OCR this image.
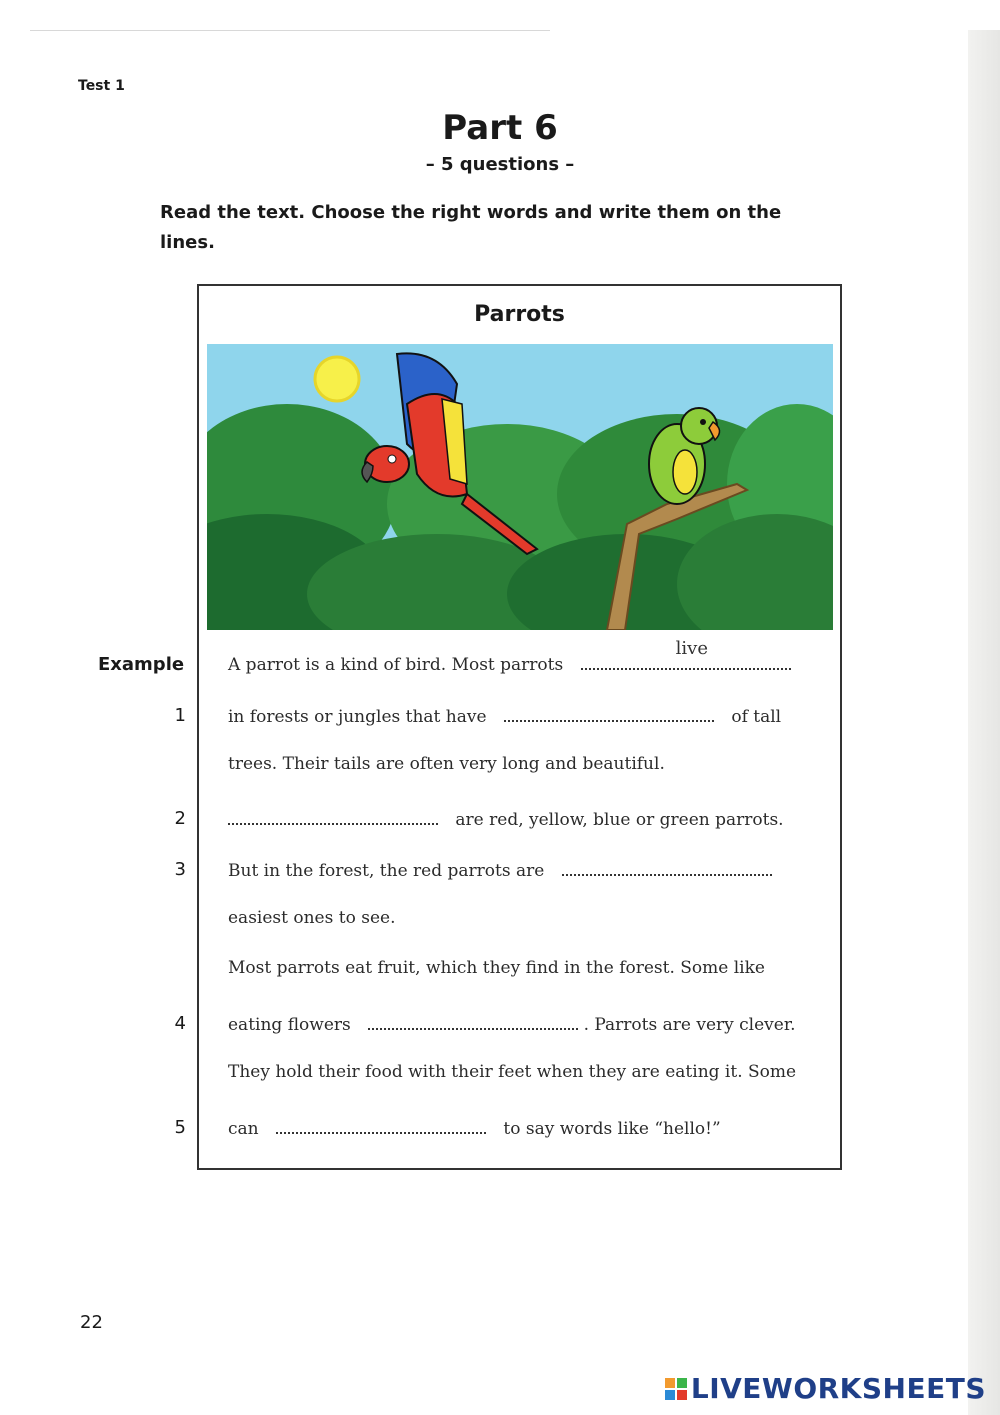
Test 1
Part 6
– 5 questions –
Read the text. Choose the right words and write them on the lines.
Parrots
Example	A parrot is a kind of bird. Most parrots
live
1 in forests or jungles that have	of tall
trees. Their tails are often very long and beautiful.
2	are red, yellow, blue or green parrots.
3 But in the forest, the red parrots are
easiest ones to see.
Most parrots eat fruit, which they find in the forest. Some like
4 eating flowers	. Parrots are very clever.
They hold their food with their feet when they are eating it. Some
5 can	to say words like “hello!”
22
LIVEWORKSHEETS
